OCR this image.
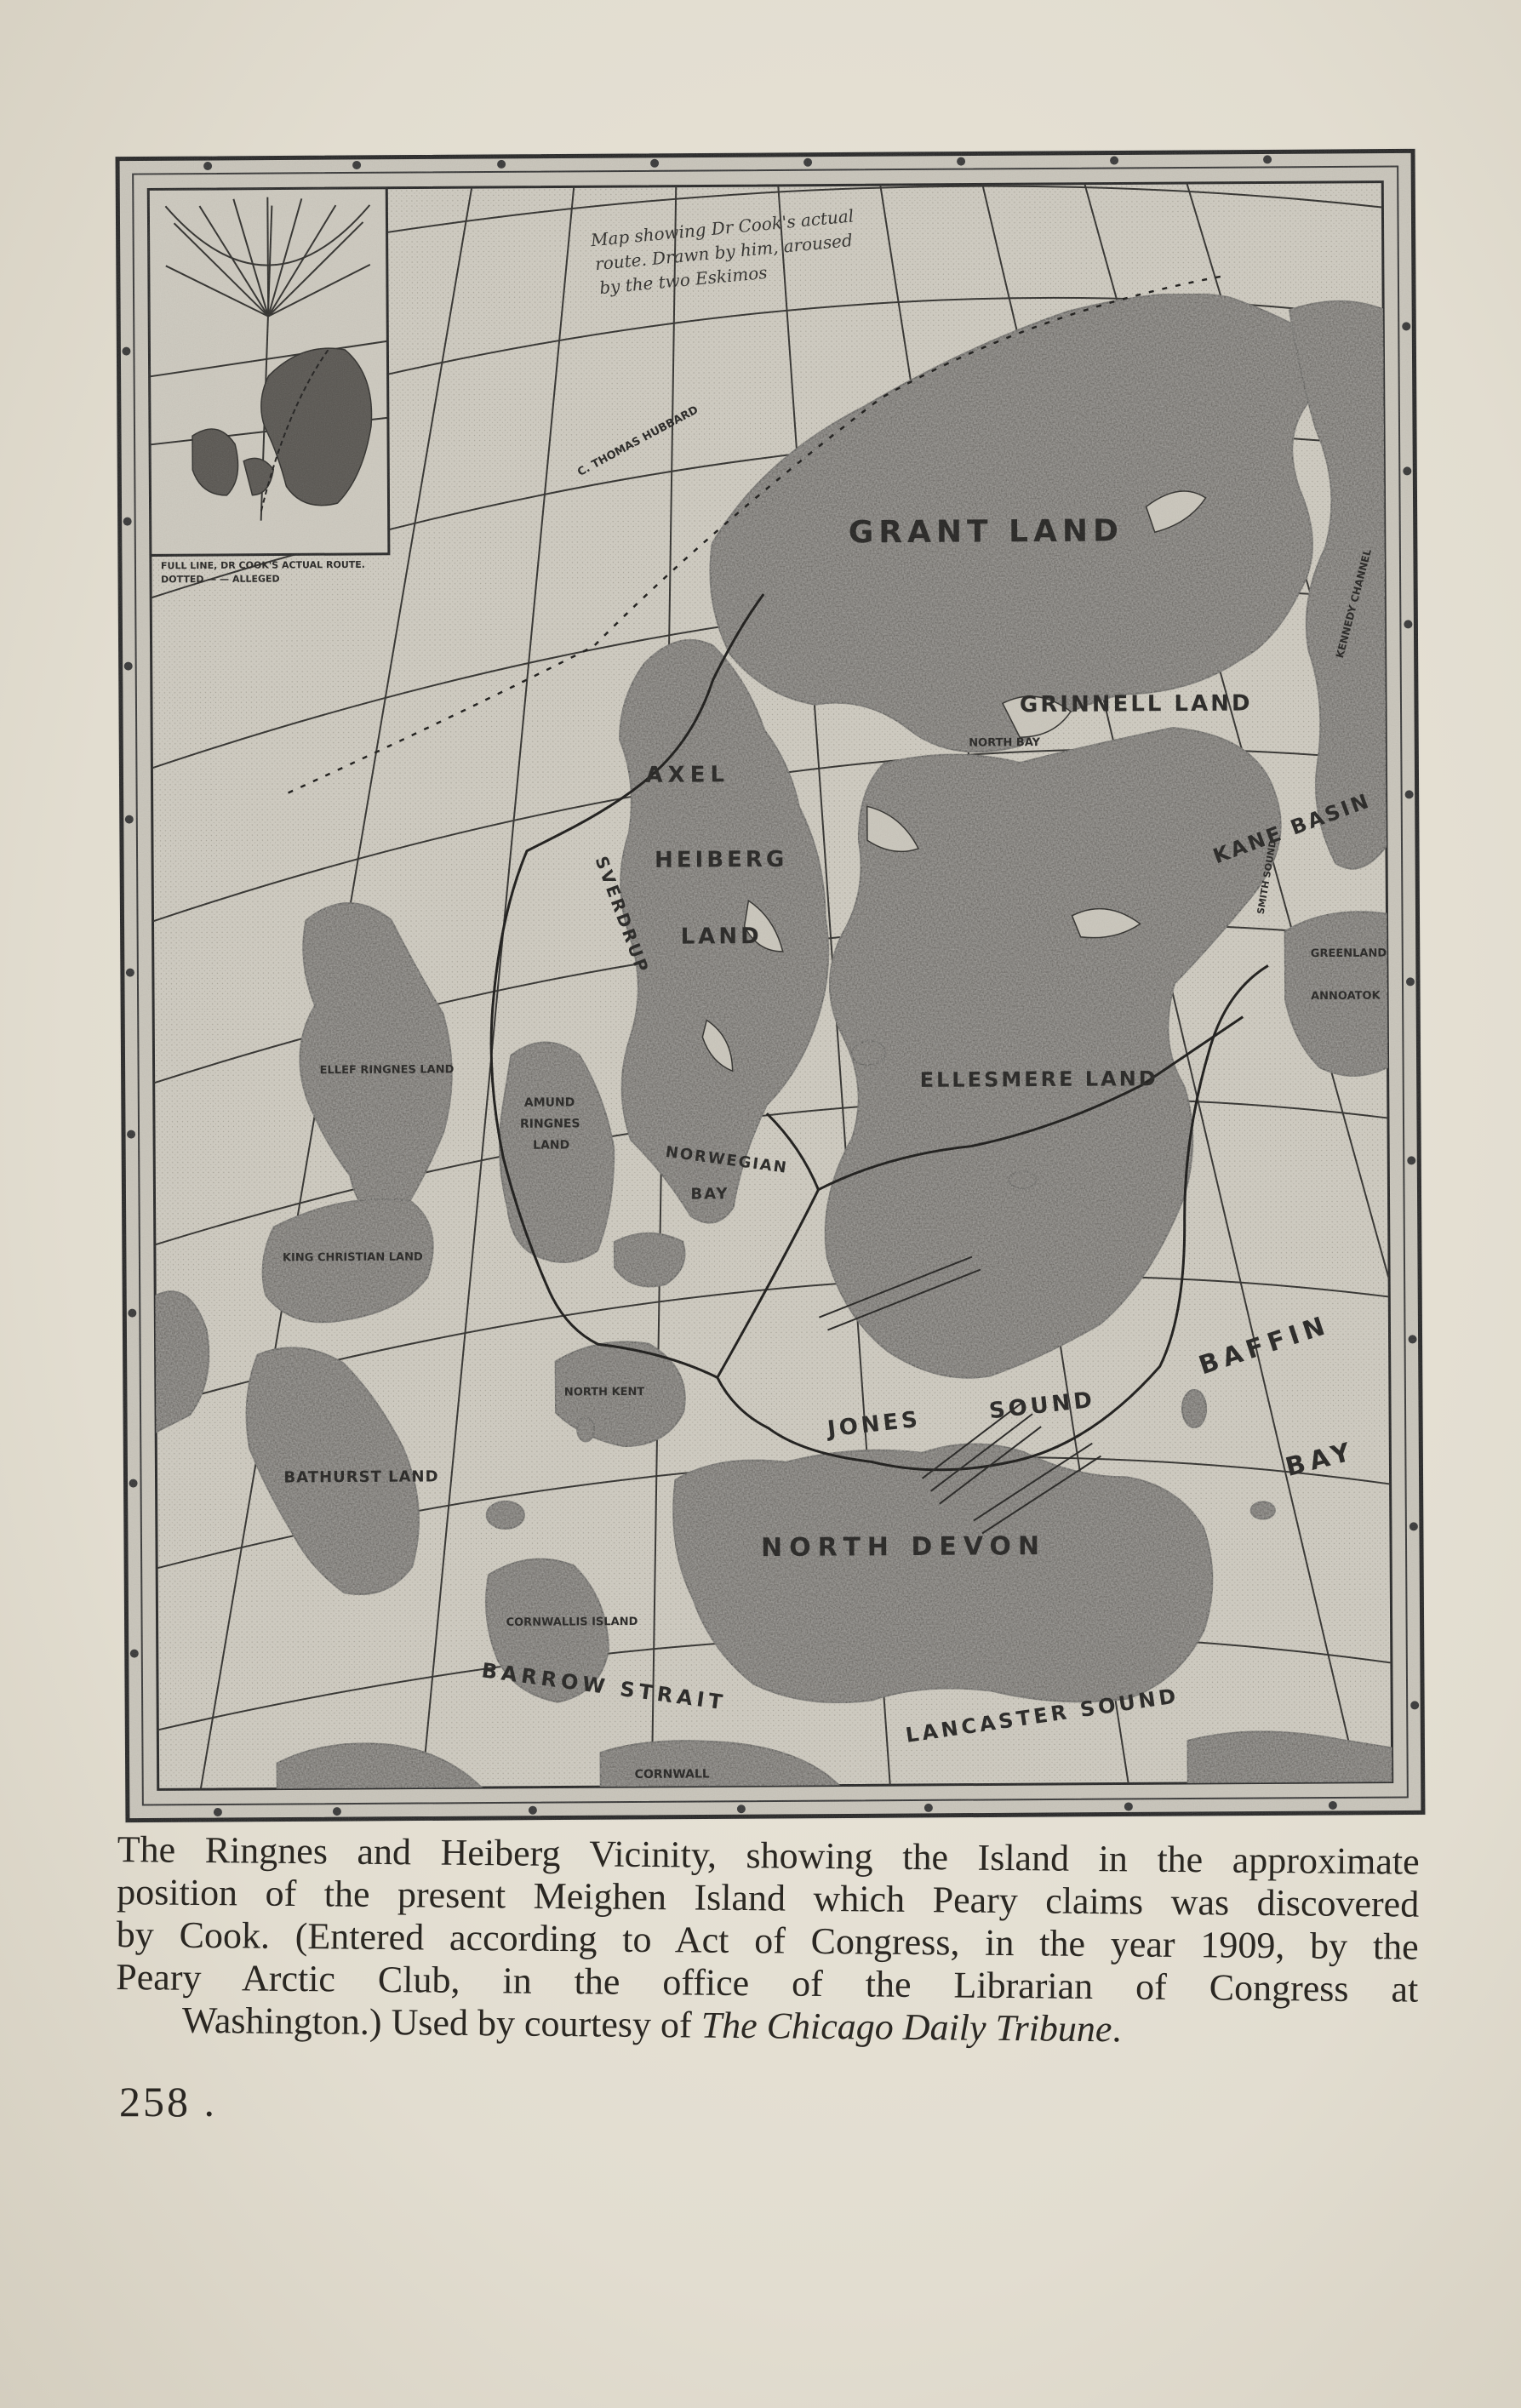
The Ringnes and Heiberg Vicinity, showing the Island in the approximate
position of the present Meighen Island which Peary claims was discovered
by Cook. (Entered according to Act of Congress, in the year 1909, by the
Peary Arctic Club, in the office of the Librarian of Congress at
Washington.) Used by courtesy of The Chicago Daily Tribune.
258 .
